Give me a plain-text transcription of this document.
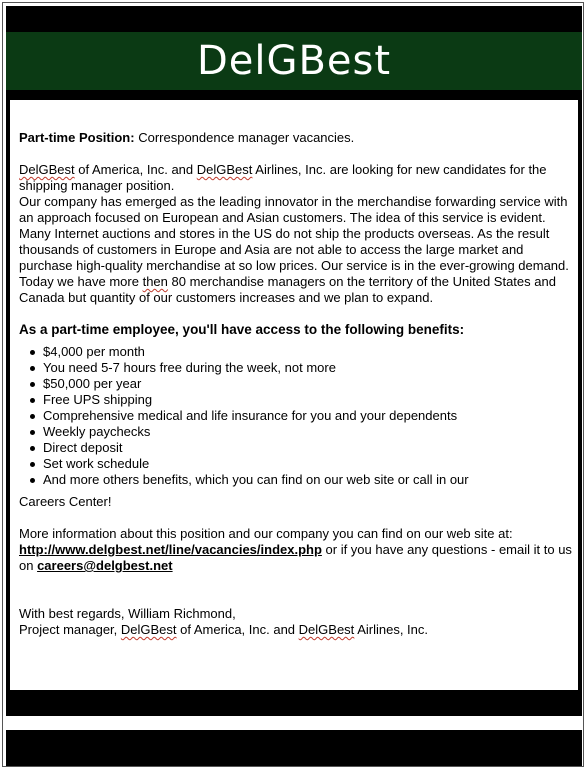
DelGBest

Part-time Position: Correspondence manager vacancies.

DelGBest of America, Inc. and DelGBest Airlines, Inc. are looking for new candidates for the shipping manager position.

Our company has emerged as the leading innovator in the merchandise forwarding service with an approach focused on European and Asian customers. The idea of this service is evident. Many Internet auctions and stores in the US do not ship the products overseas. As the result thousands of customers in Europe and Asia are not able to access the large market and purchase high-quality merchandise at so low prices. Our service is in the ever-growing demand. Today we have more then 80 merchandise managers on the territory of the United States and Canada but quantity of our customers increases and we plan to expand.

As a part-time employee, you'll have access to the following benefits:

$4,000 per month
You need 5-7 hours free during the week, not more
$50,000 per year
Free UPS shipping
Comprehensive medical and life insurance for you and your dependents
Weekly paychecks
Direct deposit
Set work schedule
And more others benefits, which you can find on our web site or call in our

Careers Center!

More information about this position and our company you can find on our web site at: http://www.delgbest.net/line/vacancies/index.php or if you have any questions - email it to us on careers@delgbest.net

With best regards, William Richmond,

Project manager, DelGBest of America, Inc. and DelGBest Airlines, Inc.
